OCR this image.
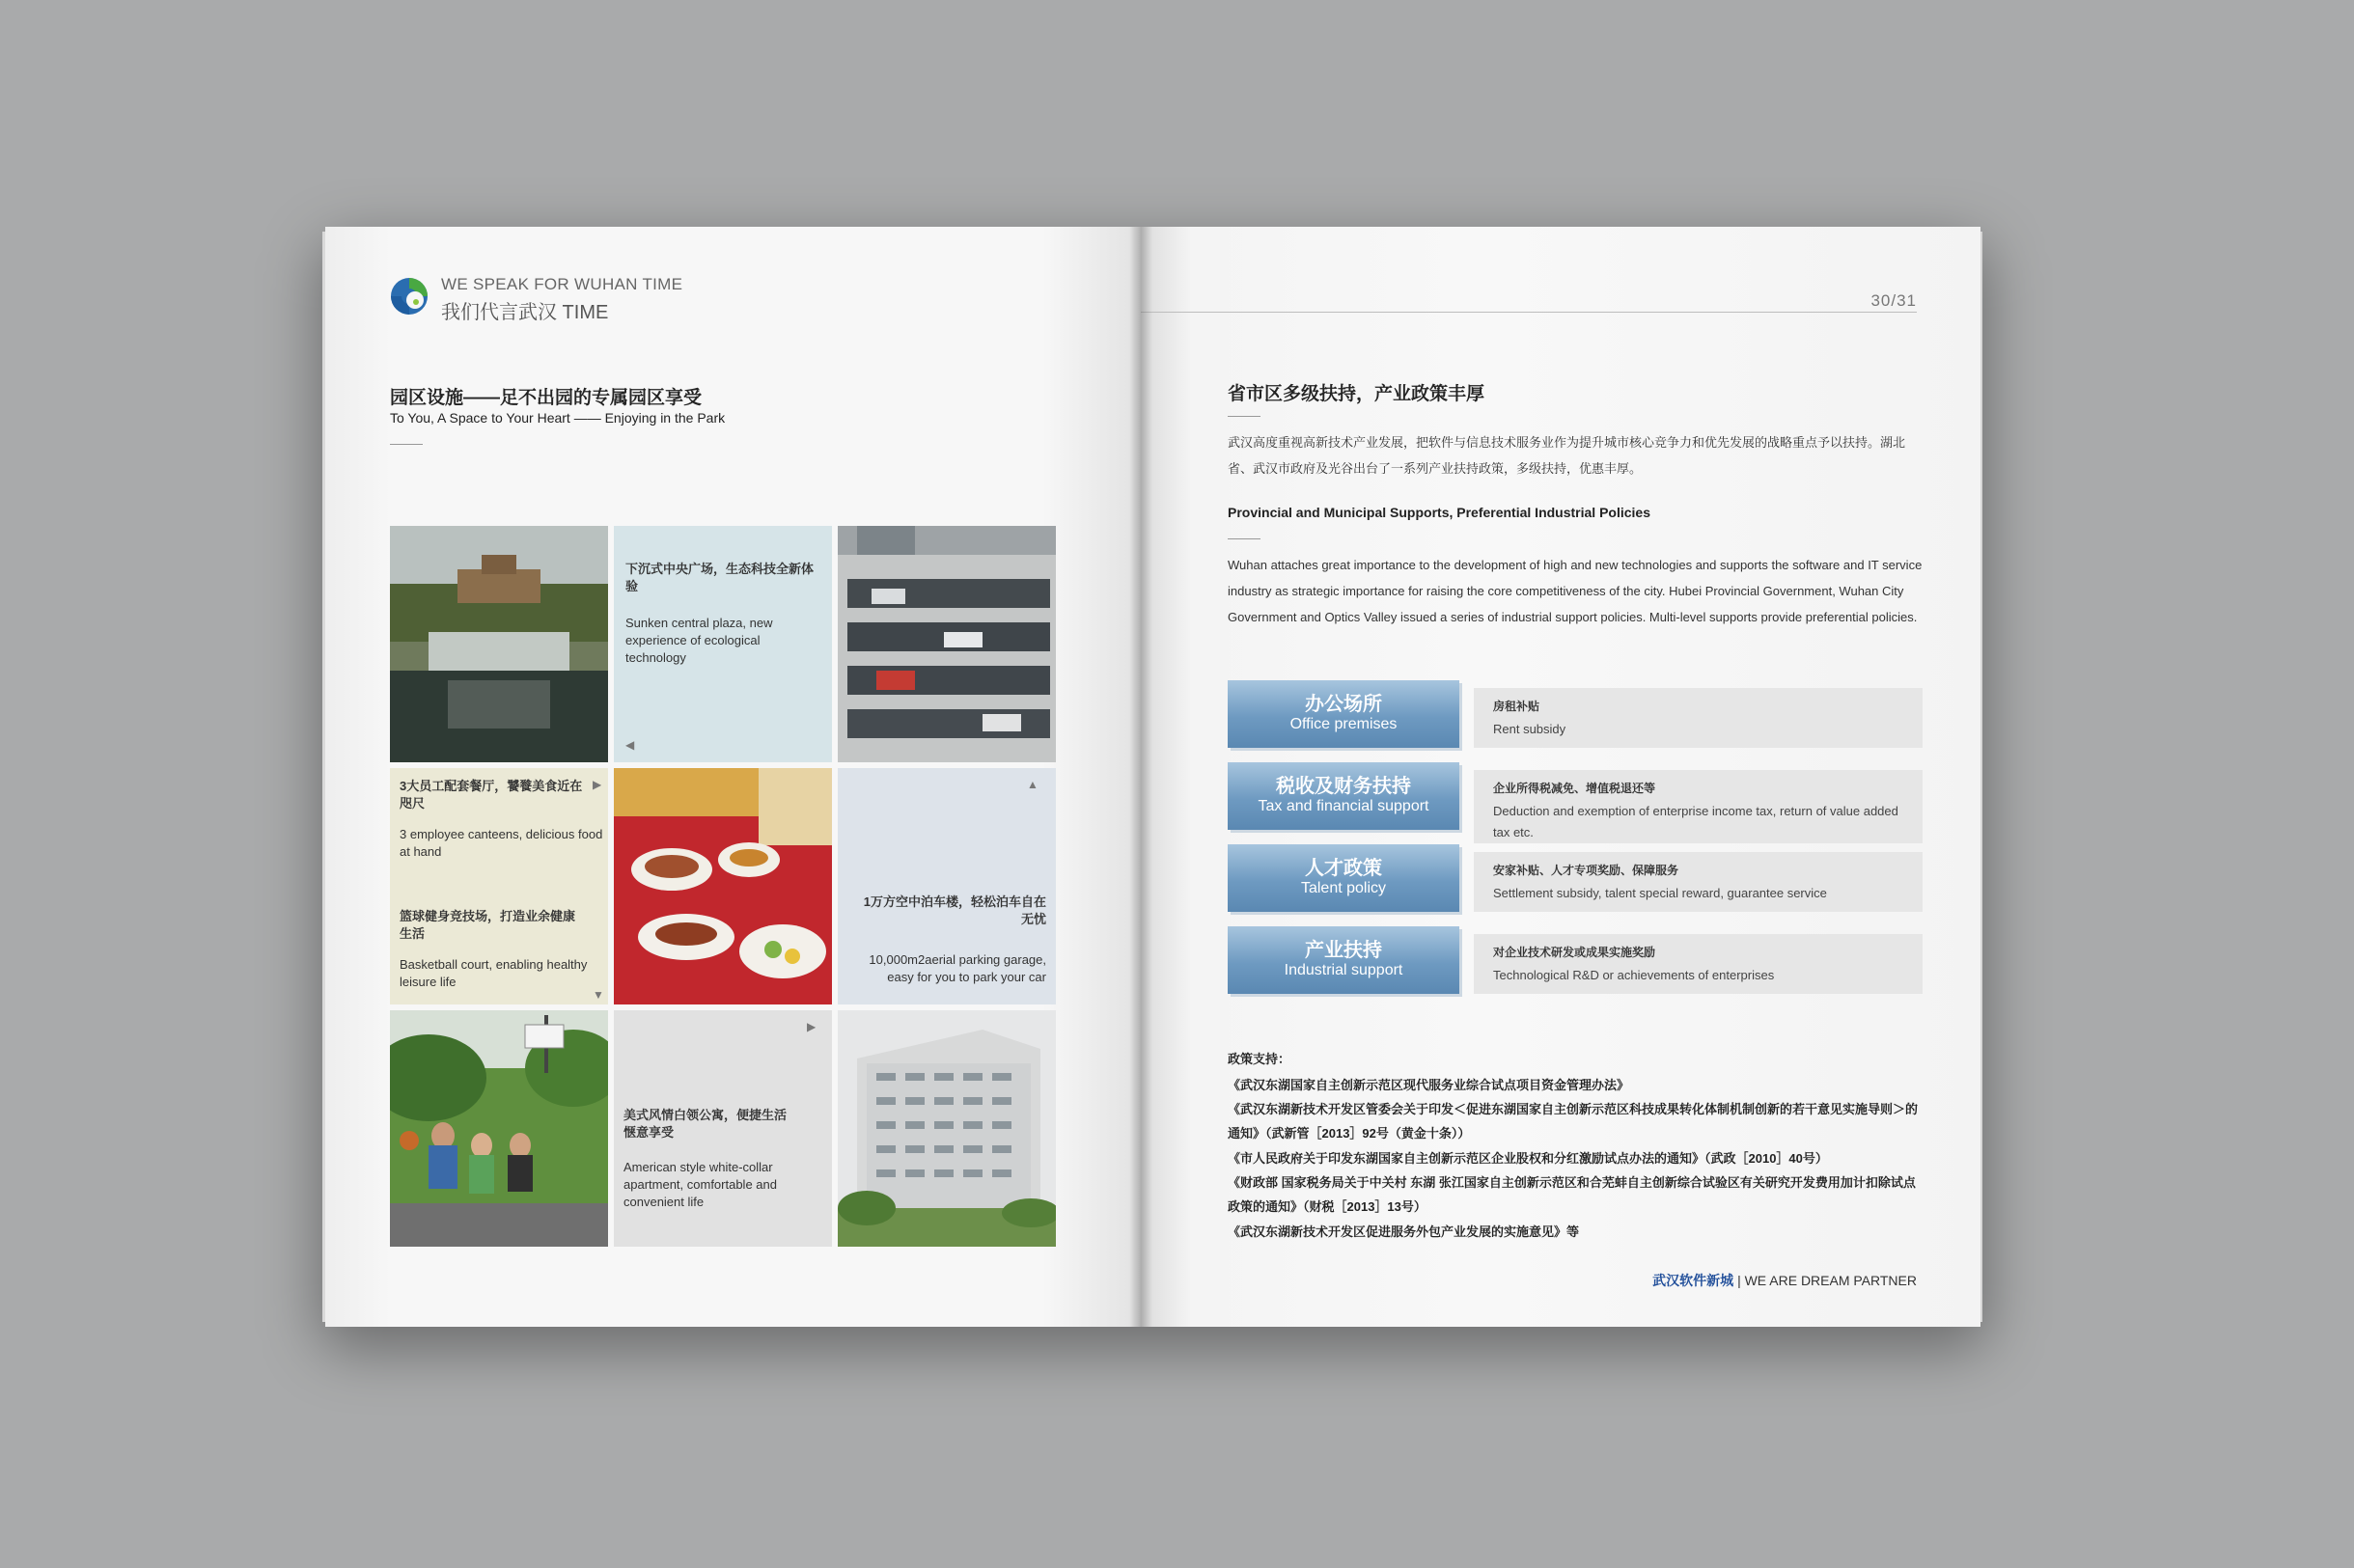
WE SPEAK FOR WUHAN TIME
我们代言武汉 TIME
园区设施——足不出园的专属园区享受
To You, A Space to Your Heart —— Enjoying in the Park
下沉式中央广场，生态科技全新体验
Sunken central plaza, new experience of ecological technology
◀
3大员工配套餐厅，饕餮美食近在咫尺
3 employee canteens, delicious food at hand
▶
篮球健身竞技场，打造业余健康生活
Basketball court, enabling healthy leisure life
▼
▲
1万方空中泊车楼，轻松泊车自在无忧
10,000m2aerial parking garage, easy for you to park your car
▶
美式风情白领公寓，便捷生活惬意享受
American style white-collar apartment, comfortable and convenient life
30/31
省市区多级扶持，产业政策丰厚
武汉高度重视高新技术产业发展，把软件与信息技术服务业作为提升城市核心竞争力和优先发展的战略重点予以扶持。湖北省、武汉市政府及光谷出台了一系列产业扶持政策，多级扶持，优惠丰厚。
Provincial and Municipal Supports, Preferential Industrial Policies
Wuhan attaches great importance to the development of high and new technologies and supports the software and IT service industry as strategic importance for raising the core competitiveness of the city. Hubei Provincial Government, Wuhan City Government and Optics Valley issued a series of industrial support policies. Multi-level supports provide preferential policies.
办公场所
Office premises
房租补贴
Rent subsidy
税收及财务扶持
Tax and financial support
企业所得税减免、增值税退还等
Deduction and exemption of enterprise income tax, return of value added tax etc.
人才政策
Talent policy
安家补贴、人才专项奖励、保障服务
Settlement subsidy, talent special reward, guarantee service
产业扶持
Industrial support
对企业技术研发或成果实施奖励
Technological R&D or achievements of enterprises
政策支持：
《武汉东湖国家自主创新示范区现代服务业综合试点项目资金管理办法》
《武汉东湖新技术开发区管委会关于印发＜促进东湖国家自主创新示范区科技成果转化体制机制创新的若干意见实施导则＞的通知》（武新管［2013］92号（黄金十条））
《市人民政府关于印发东湖国家自主创新示范区企业股权和分红激励试点办法的通知》（武政［2010］40号）
《财政部 国家税务局关于中关村 东湖 张江国家自主创新示范区和合芜蚌自主创新综合试验区有关研究开发费用加计扣除试点政策的通知》（财税［2013］13号）
《武汉东湖新技术开发区促进服务外包产业发展的实施意见》等
武汉软件新城 | WE ARE DREAM PARTNER
